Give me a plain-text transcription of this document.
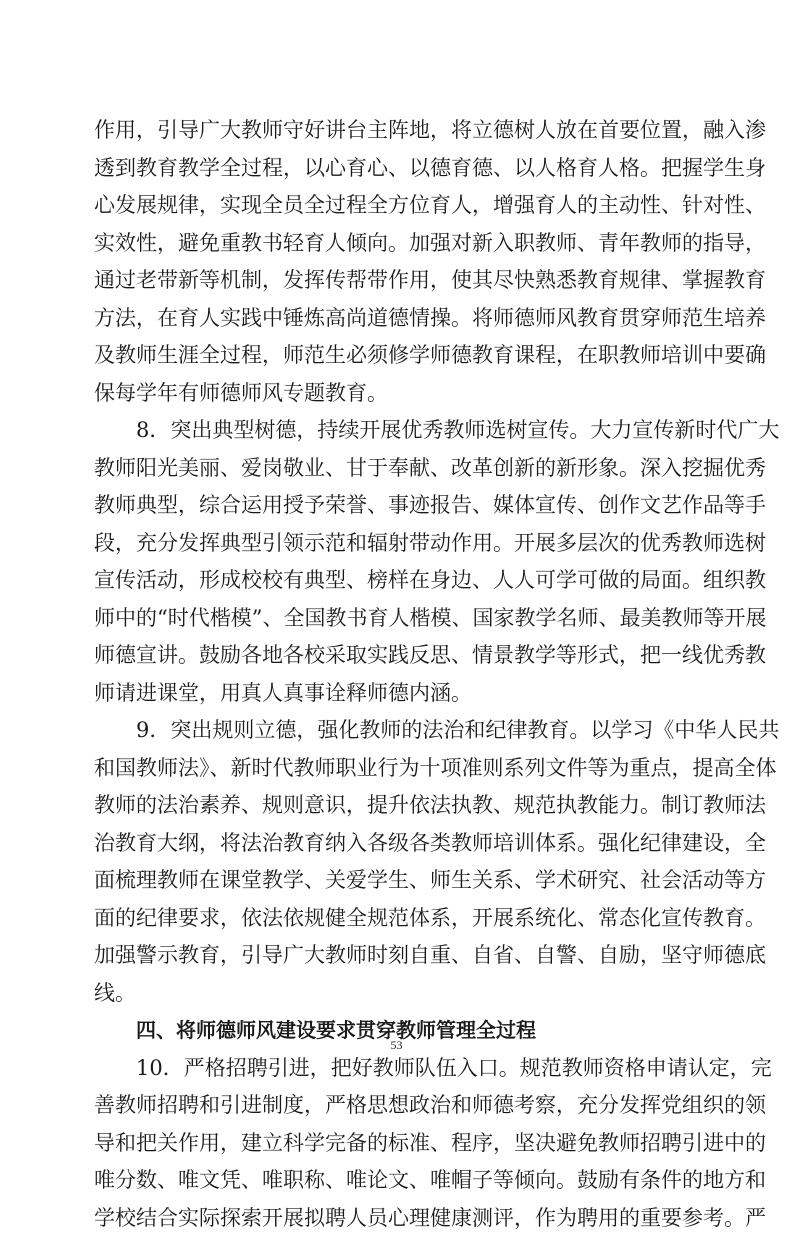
作用，引导广大教师守好讲台主阵地，将立德树人放在首要位置，融入渗
透到教育教学全过程，以心育心、以德育德、以人格育人格。把握学生身
心发展规律，实现全员全过程全方位育人，增强育人的主动性、针对性、
实效性，避免重教书轻育人倾向。加强对新入职教师、青年教师的指导，
通过老带新等机制，发挥传帮带作用，使其尽快熟悉教育规律、掌握教育
方法，在育人实践中锤炼高尚道德情操。将师德师风教育贯穿师范生培养
及教师生涯全过程，师范生必须修学师德教育课程，在职教师培训中要确
保每学年有师德师风专题教育。
8．突出典型树德，持续开展优秀教师选树宣传。大力宣传新时代广大
教师阳光美丽、爱岗敬业、甘于奉献、改革创新的新形象。深入挖掘优秀
教师典型，综合运用授予荣誉、事迹报告、媒体宣传、创作文艺作品等手
段，充分发挥典型引领示范和辐射带动作用。开展多层次的优秀教师选树
宣传活动，形成校校有典型、榜样在身边、人人可学可做的局面。组织教
师中的“时代楷模”、全国教书育人楷模、国家教学名师、最美教师等开展
师德宣讲。鼓励各地各校采取实践反思、情景教学等形式，把一线优秀教
师请进课堂，用真人真事诠释师德内涵。
9．突出规则立德，强化教师的法治和纪律教育。以学习《中华人民共
和国教师法》、新时代教师职业行为十项准则系列文件等为重点，提高全体
教师的法治素养、规则意识，提升依法执教、规范执教能力。制订教师法
治教育大纲，将法治教育纳入各级各类教师培训体系。强化纪律建设，全
面梳理教师在课堂教学、关爱学生、师生关系、学术研究、社会活动等方
面的纪律要求，依法依规健全规范体系，开展系统化、常态化宣传教育。
加强警示教育，引导广大教师时刻自重、自省、自警、自励，坚守师德底
线。
四、将师德师风建设要求贯穿教师管理全过程
10．严格招聘引进，把好教师队伍入口。规范教师资格申请认定，完
善教师招聘和引进制度，严格思想政治和师德考察，充分发挥党组织的领
导和把关作用，建立科学完备的标准、程序，坚决避免教师招聘引进中的
唯分数、唯文凭、唯职称、唯论文、唯帽子等倾向。鼓励有条件的地方和
学校结合实际探索开展拟聘人员心理健康测评，作为聘用的重要参考。严
53
